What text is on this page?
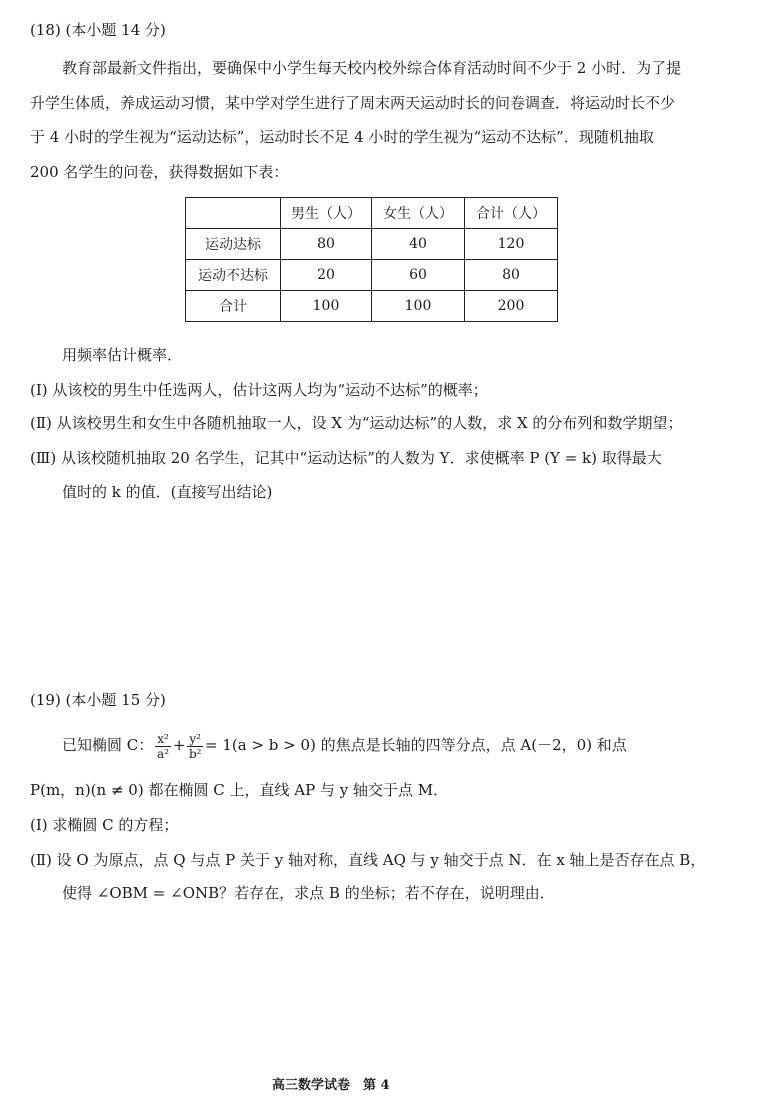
(18) (本小题 14 分)
教育部最新文件指出，要确保中小学生每天校内校外综合体育活动时间不少于 2 小时．为了提
升学生体质，养成运动习惯，某中学对学生进行了周末两天运动时长的问卷调查．将运动时长不少
于 4 小时的学生视为“运动达标”，运动时长不足 4 小时的学生视为“运动不达标”．现随机抽取
200 名学生的问卷，获得数据如下表：
	男生（人）	女生（人）	合计（人）
运动达标	80	40	120
运动不达标	20	60	80
合计	100	100	200
用频率估计概率．
(Ⅰ) 从该校的男生中任选两人，估计这两人均为“运动不达标”的概率；
(Ⅱ) 从该校男生和女生中各随机抽取一人，设 X 为“运动达标”的人数，求 X 的分布列和数学期望；
(Ⅲ) 从该校随机抽取 20 名学生，记其中“运动达标”的人数为 Y．求使概率 P (Y = k) 取得最大
值时的 k 的值．(直接写出结论)
(19) (本小题 15 分)
已知椭圆 C： $\frac{\text{x²}}{\text{a²}} + \frac{\text{y²}}{\text{b²}} = 1(a > b > 0)$ 的焦点是长轴的四等分点，点 A(－2，0) 和点
P(m，n)(n ≠ 0) 都在椭圆 C 上，直线 AP 与 y 轴交于点 M．
(Ⅰ) 求椭圆 C 的方程；
(Ⅱ) 设 O 为原点，点 Q 与点 P 关于 y 轴对称，直线 AQ 与 y 轴交于点 N．在 x 轴上是否存在点 B，
使得 ∠OBM = ∠ONB？若存在，求点 B 的坐标；若不存在，说明理由．
高三数学试卷　第 4
